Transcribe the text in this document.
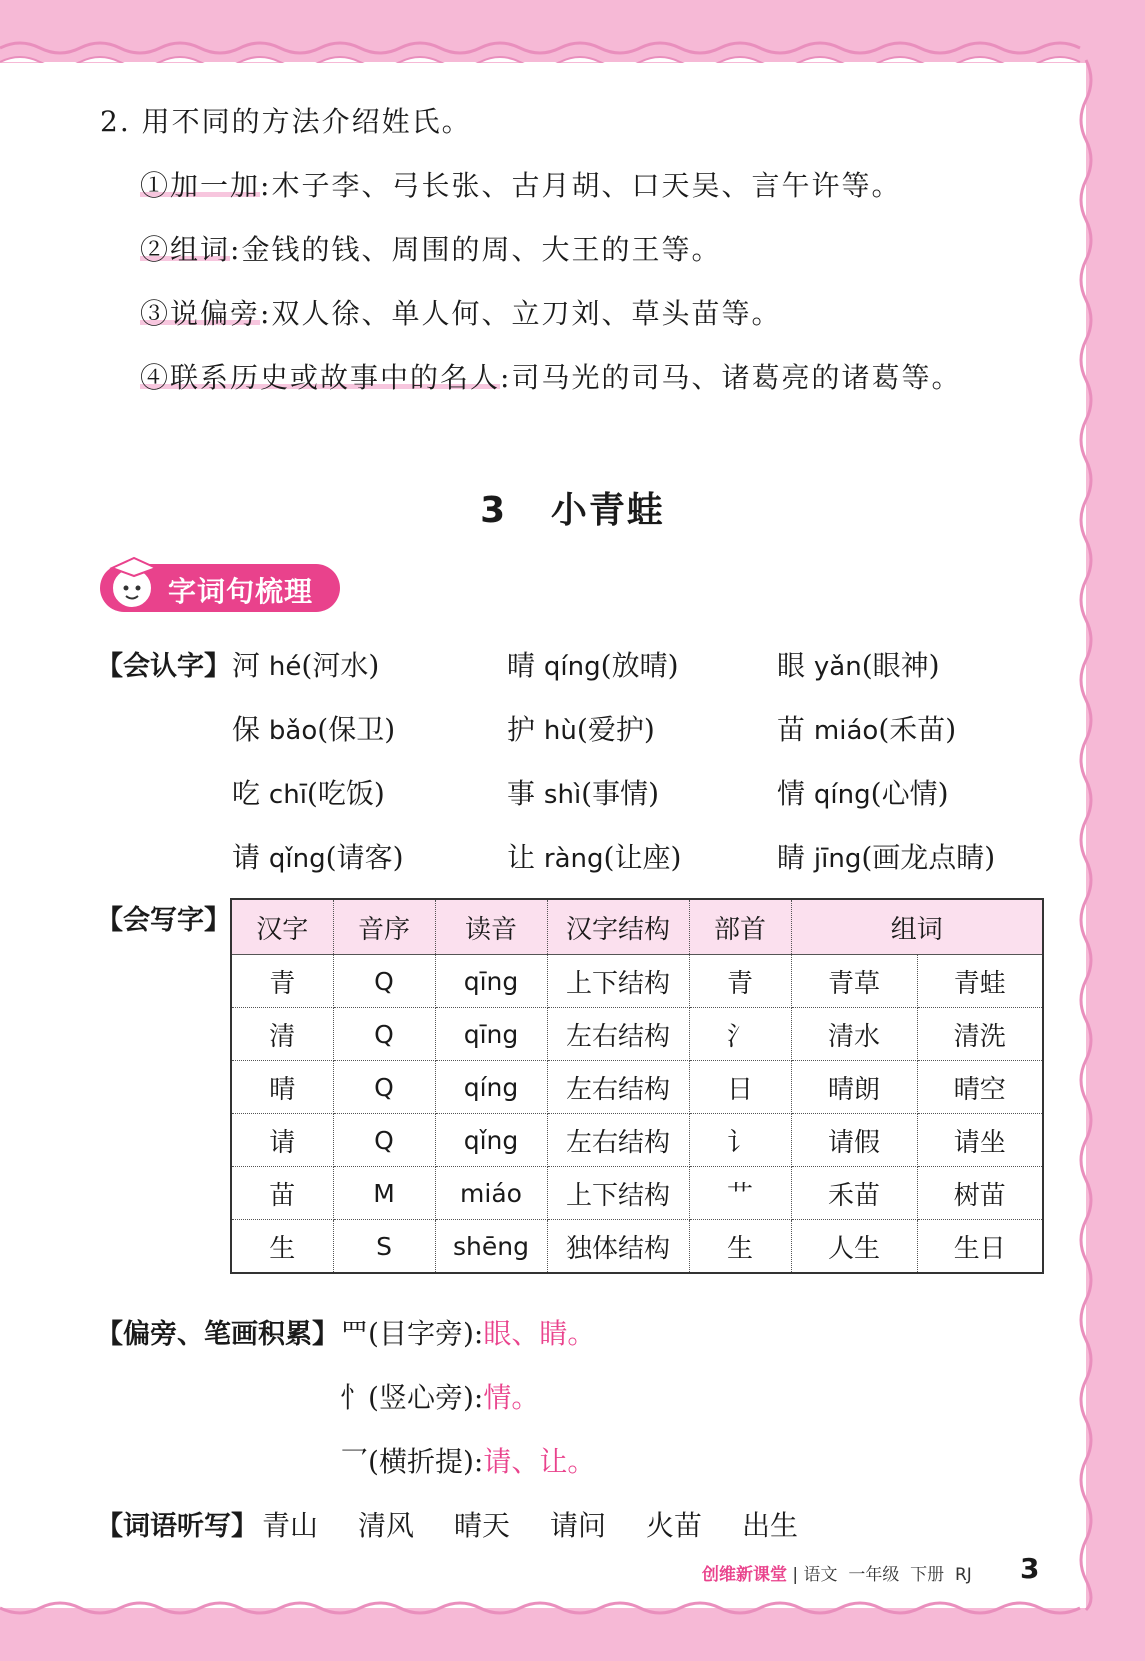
2. 用不同的方法介绍姓氏。
①加一加:木子李、弓长张、古月胡、口天吴、言午许等。
②组词:金钱的钱、周围的周、大王的王等。
③说偏旁:双人徐、单人何、立刀刘、草头苗等。
④联系历史或故事中的名人:司马光的司马、诸葛亮的诸葛等。
3 小青蛙
字词句梳理
【会认字】 河 hé(河水)	晴 qíng(放晴)	眼 yǎn(眼神)
保 bǎo(保卫)	护 hù(爱护)	苗 miáo(禾苗)
吃 chī(吃饭)	事 shì(事情)	情 qíng(心情)
请 qǐng(请客)	让 ràng(让座)	睛 jīng(画龙点睛)
【会写字】 汉字	音序	读音	汉字结构	部首	组词	
青	Q	qīng	上下结构	青	青草	青蛙
清	Q	qīng	左右结构	氵	清水	清洗
晴	Q	qíng	左右结构	日	晴朗	晴空
请	Q	qǐng	左右结构	讠	请假	请坐
苗	M	miáo	上下结构	艹	禾苗	树苗
生	S	shēng	独体结构	生	人生	生日
【偏旁、笔画积累】 ⺫(目字旁):眼、睛。
忄(竖心旁):情。
乛(横折提):请、让。
【词语听写】 青山 清风 晴天 请问 火苗 出生
创维新课堂 | 语文 一年级 下册 RJ 3
